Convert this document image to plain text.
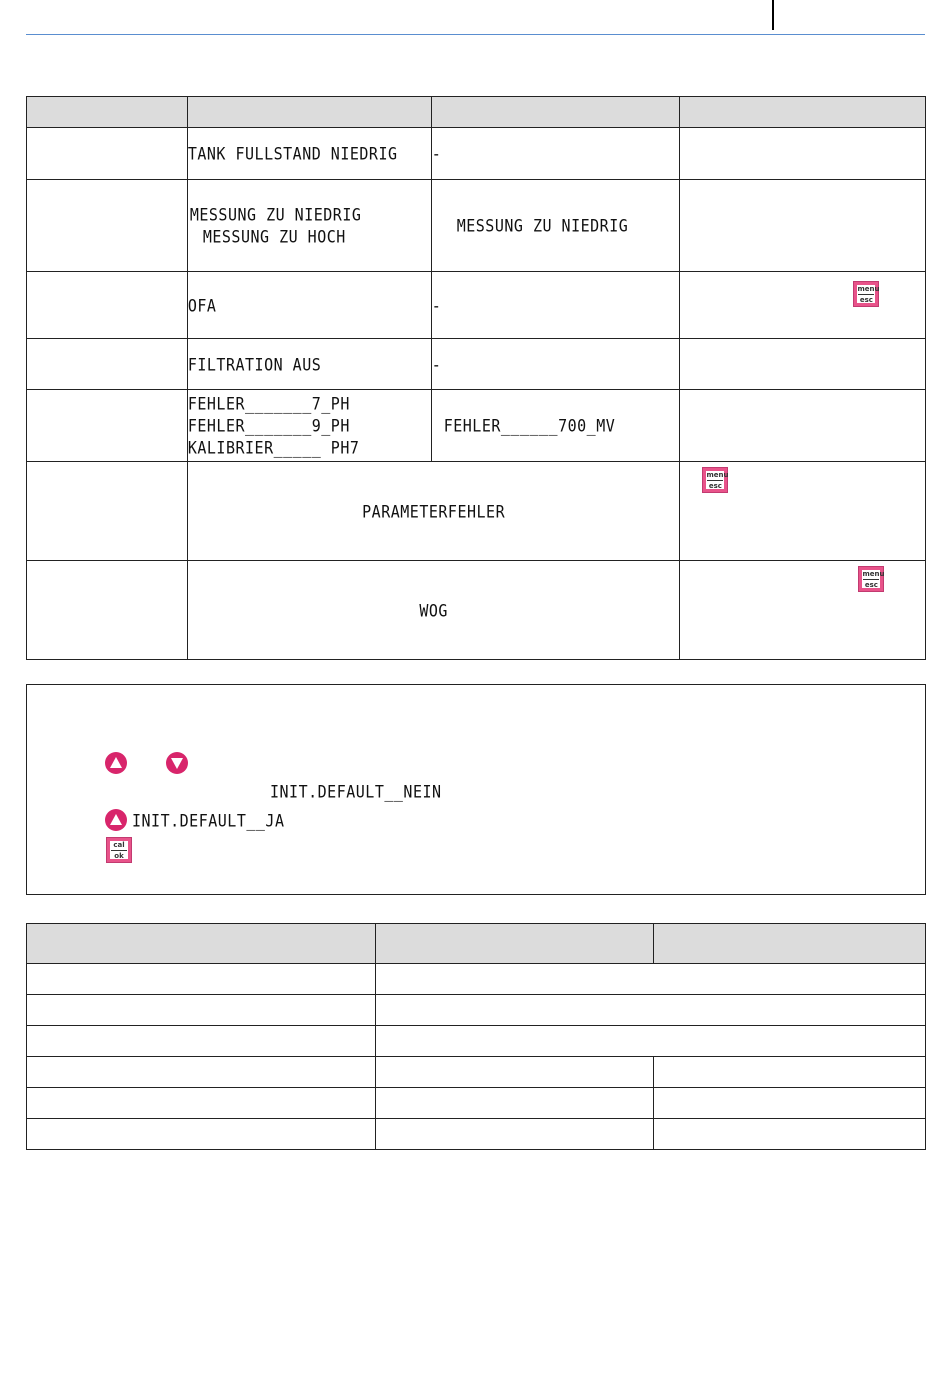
	TANK FULLSTAND NIEDRIG	-	

	MESSUNG ZU NIEDRIG
MESSUNG ZU HOCH	MESSUNG ZU NIEDRIG	
	OFA	-	menu
esc

	FILTRATION AUS	-	

	FEHLER_______7_PH
FEHLER_______9_PH
KALIBRIER_____ PH7	FEHLER______700_MV	
	PARAMETERFEHLER		menu
esc

	WOG		menu
esc
INIT.DEFAULT__NEIN
INIT.DEFAULT__JA
cal
ok
